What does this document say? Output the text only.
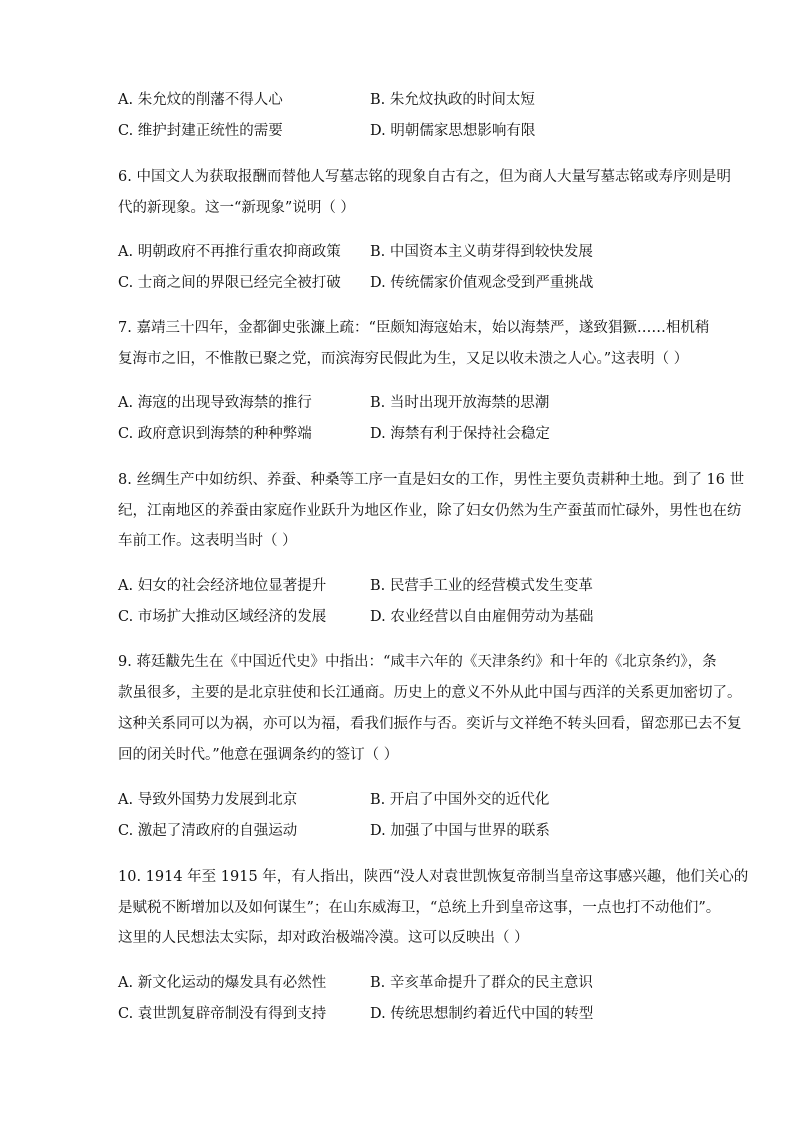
A. 朱允炆的削藩不得人心	B. 朱允炆执政的时间太短
C. 维护封建正统性的需要	D. 明朝儒家思想影响有限
6. 中国文人为获取报酬而替他人写墓志铭的现象自古有之，但为商人大量写墓志铭或寿序则是明
代的新现象。这一“新现象”说明（ ）
A. 明朝政府不再推行重农抑商政策 B. 中国资本主义萌芽得到较快发展
C. 士商之间的界限已经完全被打破 D. 传统儒家价值观念受到严重挑战
7. 嘉靖三十四年，金都御史张濂上疏：“臣颇知海寇始末，始以海禁严，遂致猖獗……相机稍
复海市之旧，不惟散已聚之党，而滨海穷民假此为生，又足以收未溃之人心。”这表明（ ）
A. 海寇的出现导致海禁的推行	B. 当时出现开放海禁的思潮
C. 政府意识到海禁的种种弊端	D. 海禁有利于保持社会稳定
8. 丝绸生产中如纺织、养蚕、种桑等工序一直是妇女的工作，男性主要负责耕种土地。到了 16 世
纪，江南地区的养蚕由家庭作业跃升为地区作业，除了妇女仍然为生产蚕茧而忙碌外，男性也在纺
车前工作。这表明当时（ ）
A. 妇女的社会经济地位显著提升	B. 民营手工业的经营模式发生变革
C. 市场扩大推动区域经济的发展	D. 农业经营以自由雇佣劳动为基础
9. 蒋廷黻先生在《中国近代史》中指出：“咸丰六年的《天津条约》和十年的《北京条约》，条
款虽很多，主要的是北京驻使和长江通商。历史上的意义不外从此中国与西洋的关系更加密切了。
这种关系同可以为祸，亦可以为福，看我们振作与否。奕䜣与文祥绝不转头回看，留恋那已去不复
回的闭关时代。”他意在强调条约的签订（ ）
A. 导致外国势力发展到北京	B. 开启了中国外交的近代化
C. 激起了清政府的自强运动	D. 加强了中国与世界的联系
10. 1914 年至 1915 年，有人指出，陕西“没人对袁世凯恢复帝制当皇帝这事感兴趣，他们关心的
是赋税不断增加以及如何谋生”；在山东威海卫，“总统上升到皇帝这事，一点也打不动他们”。
这里的人民想法太实际，却对政治极端冷漠。这可以反映出（ ）
A. 新文化运动的爆发具有必然性	B. 辛亥革命提升了群众的民主意识
C. 袁世凯复辟帝制没有得到支持	D. 传统思想制约着近代中国的转型
